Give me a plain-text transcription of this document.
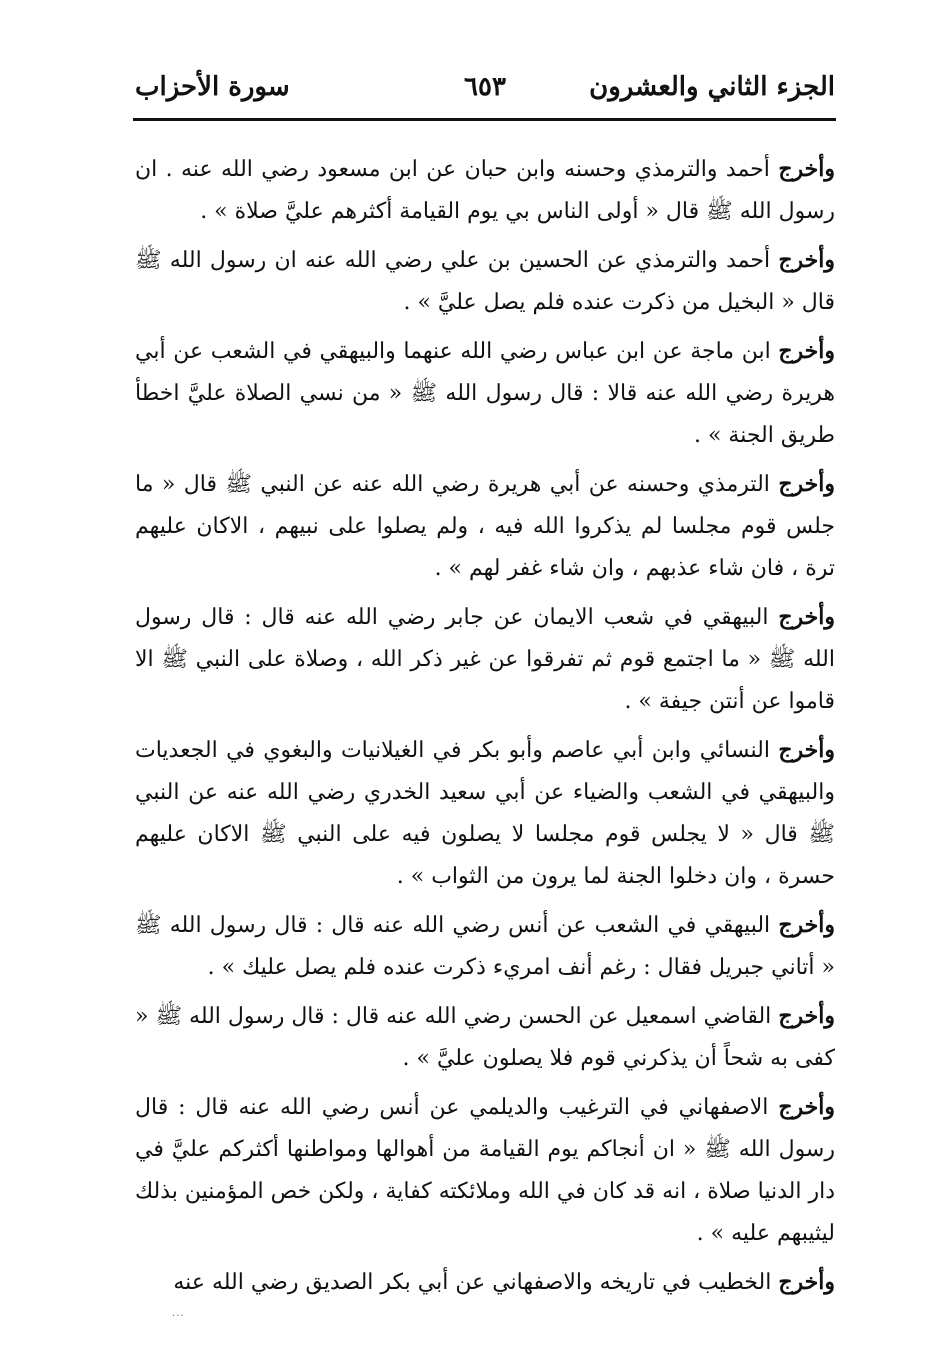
الجزء الثاني والعشرون
٦٥٣
سورة الأحزاب

وأخرج أحمد والترمذي وحسنه وابن حبان عن ابن مسعود رضي الله عنه . ان رسول الله ﷺ قال « أولى الناس بي يوم القيامة أكثرهم عليَّ صلاة » .

وأخرج أحمد والترمذي عن الحسين بن علي رضي الله عنه ان رسول الله ﷺ قال « البخيل من ذكرت عنده فلم يصل عليَّ » .

وأخرج ابن ماجة عن ابن عباس رضي الله عنهما والبيهقي في الشعب عن أبي هريرة رضي الله عنه قالا : قال رسول الله ﷺ « من نسي الصلاة عليَّ اخطأ طريق الجنة » .

وأخرج الترمذي وحسنه عن أبي هريرة رضي الله عنه عن النبي ﷺ قال « ما جلس قوم مجلسا لم يذكروا الله فيه ، ولم يصلوا على نبيهم ، الاكان عليهم ترة ، فان شاء عذبهم ، وان شاء غفر لهم » .

وأخرج البيهقي في شعب الايمان عن جابر رضي الله عنه قال : قال رسول الله ﷺ « ما اجتمع قوم ثم تفرقوا عن غير ذكر الله ، وصلاة على النبي ﷺ الا قاموا عن أنتن جيفة » .

وأخرج النسائي وابن أبي عاصم وأبو بكر في الغيلانيات والبغوي في الجعديات والبيهقي في الشعب والضياء عن أبي سعيد الخدري رضي الله عنه عن النبي ﷺ قال « لا يجلس قوم مجلسا لا يصلون فيه على النبي ﷺ الاكان عليهم حسرة ، وان دخلوا الجنة لما يرون من الثواب » .

وأخرج البيهقي في الشعب عن أنس رضي الله عنه قال : قال رسول الله ﷺ « أتاني جبريل فقال : رغم أنف امريء ذكرت عنده فلم يصل عليك » .

وأخرج القاضي اسمعيل عن الحسن رضي الله عنه قال : قال رسول الله ﷺ « كفى به شحاً أن يذكرني قوم فلا يصلون عليَّ » .

وأخرج الاصفهاني في الترغيب والديلمي عن أنس رضي الله عنه قال : قال رسول الله ﷺ « ان أنجاكم يوم القيامة من أهوالها ومواطنها أكثركم عليَّ في دار الدنيا صلاة ، انه قد كان في الله وملائكته كفاية ، ولكن خص المؤمنين بذلك ليثيبهم عليه » .

وأخرج الخطيب في تاريخه والاصفهاني عن أبي بكر الصديق رضي الله عنه

...
